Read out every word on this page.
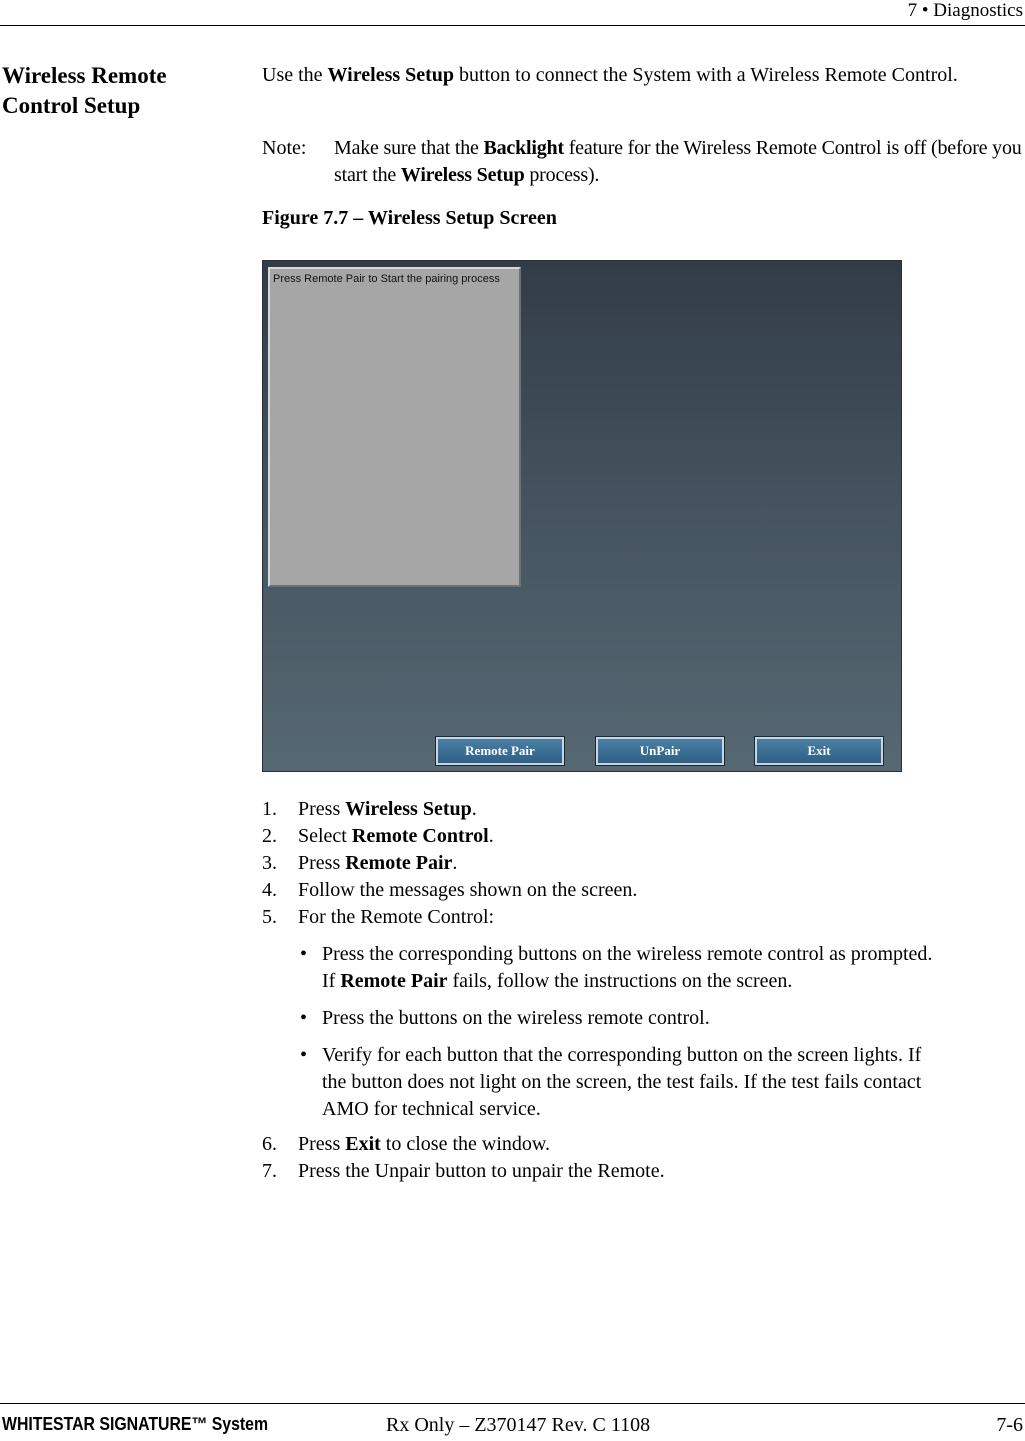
7 • Diagnostics
Wireless Remote
Control Setup
Use the Wireless Setup button to connect the System with a Wireless Remote Control.
Note: Make sure that the Backlight feature for the Wireless Remote Control is off (before you start the Wireless Setup process).
Figure 7.7 – Wireless Setup Screen
Press Remote Pair to Start the pairing process
Remote Pair	UnPair	Exit
1. Press Wireless Setup.
2. Select Remote Control.
3. Press Remote Pair.
4. Follow the messages shown on the screen.
5. For the Remote Control:
• Press the corresponding buttons on the wireless remote control as prompted.
If Remote Pair fails, follow the instructions on the screen.
• Press the buttons on the wireless remote control.
• Verify for each button that the corresponding button on the screen lights. If
the button does not light on the screen, the test fails. If the test fails contact
AMO for technical service.
6. Press Exit to close the window.
7. Press the Unpair button to unpair the Remote.
WHITESTAR SIGNATURE™ System	Rx Only – Z370147 Rev. C 1108	7-6
